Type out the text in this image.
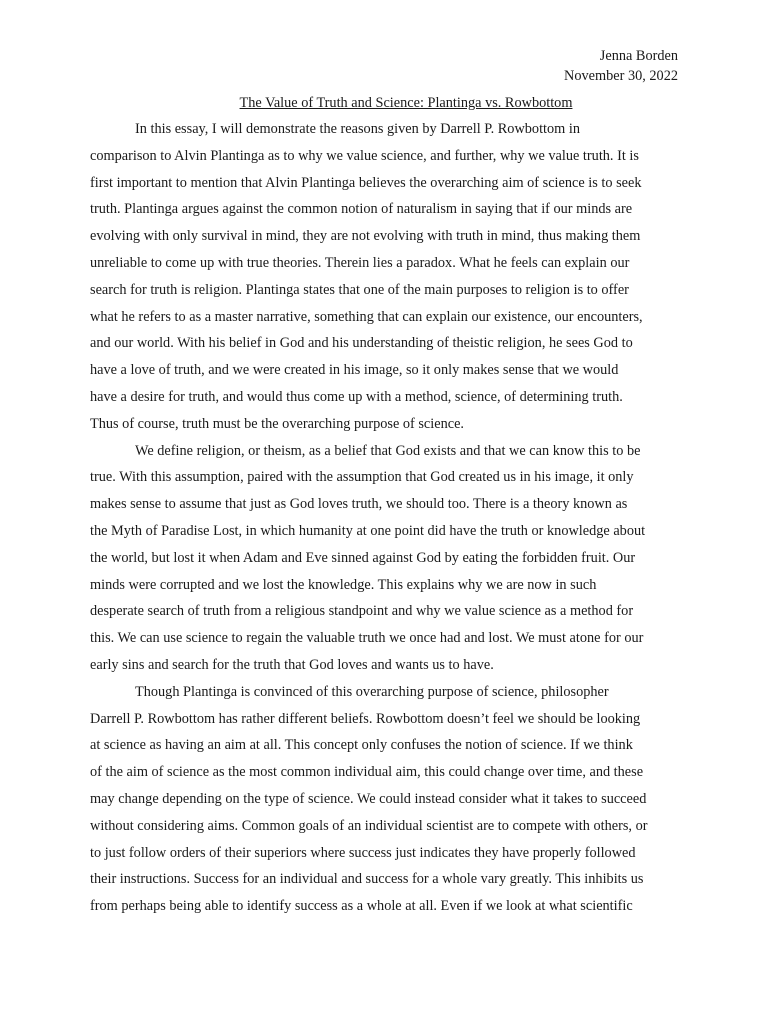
Jenna Borden
November 30, 2022
The Value of Truth and Science: Plantinga vs. Rowbottom
In this essay, I will demonstrate the reasons given by Darrell P. Rowbottom in
comparison to Alvin Plantinga as to why we value science, and further, why we value truth. It is
first important to mention that Alvin Plantinga believes the overarching aim of science is to seek
truth. Plantinga argues against the common notion of naturalism in saying that if our minds are
evolving with only survival in mind, they are not evolving with truth in mind, thus making them
unreliable to come up with true theories. Therein lies a paradox. What he feels can explain our
search for truth is religion. Plantinga states that one of the main purposes to religion is to offer
what he refers to as a master narrative, something that can explain our existence, our encounters,
and our world. With his belief in God and his understanding of theistic religion, he sees God to
have a love of truth, and we were created in his image, so it only makes sense that we would
have a desire for truth, and would thus come up with a method, science, of determining truth.
Thus of course, truth must be the overarching purpose of science.
We define religion, or theism, as a belief that God exists and that we can know this to be
true. With this assumption, paired with the assumption that God created us in his image, it only
makes sense to assume that just as God loves truth, we should too. There is a theory known as
the Myth of Paradise Lost, in which humanity at one point did have the truth or knowledge about
the world, but lost it when Adam and Eve sinned against God by eating the forbidden fruit. Our
minds were corrupted and we lost the knowledge. This explains why we are now in such
desperate search of truth from a religious standpoint and why we value science as a method for
this. We can use science to regain the valuable truth we once had and lost. We must atone for our
early sins and search for the truth that God loves and wants us to have.
Though Plantinga is convinced of this overarching purpose of science, philosopher
Darrell P. Rowbottom has rather different beliefs. Rowbottom doesn’t feel we should be looking
at science as having an aim at all. This concept only confuses the notion of science. If we think
of the aim of science as the most common individual aim, this could change over time, and these
may change depending on the type of science. We could instead consider what it takes to succeed
without considering aims. Common goals of an individual scientist are to compete with others, or
to just follow orders of their superiors where success just indicates they have properly followed
their instructions. Success for an individual and success for a whole vary greatly. This inhibits us
from perhaps being able to identify success as a whole at all. Even if we look at what scientific
